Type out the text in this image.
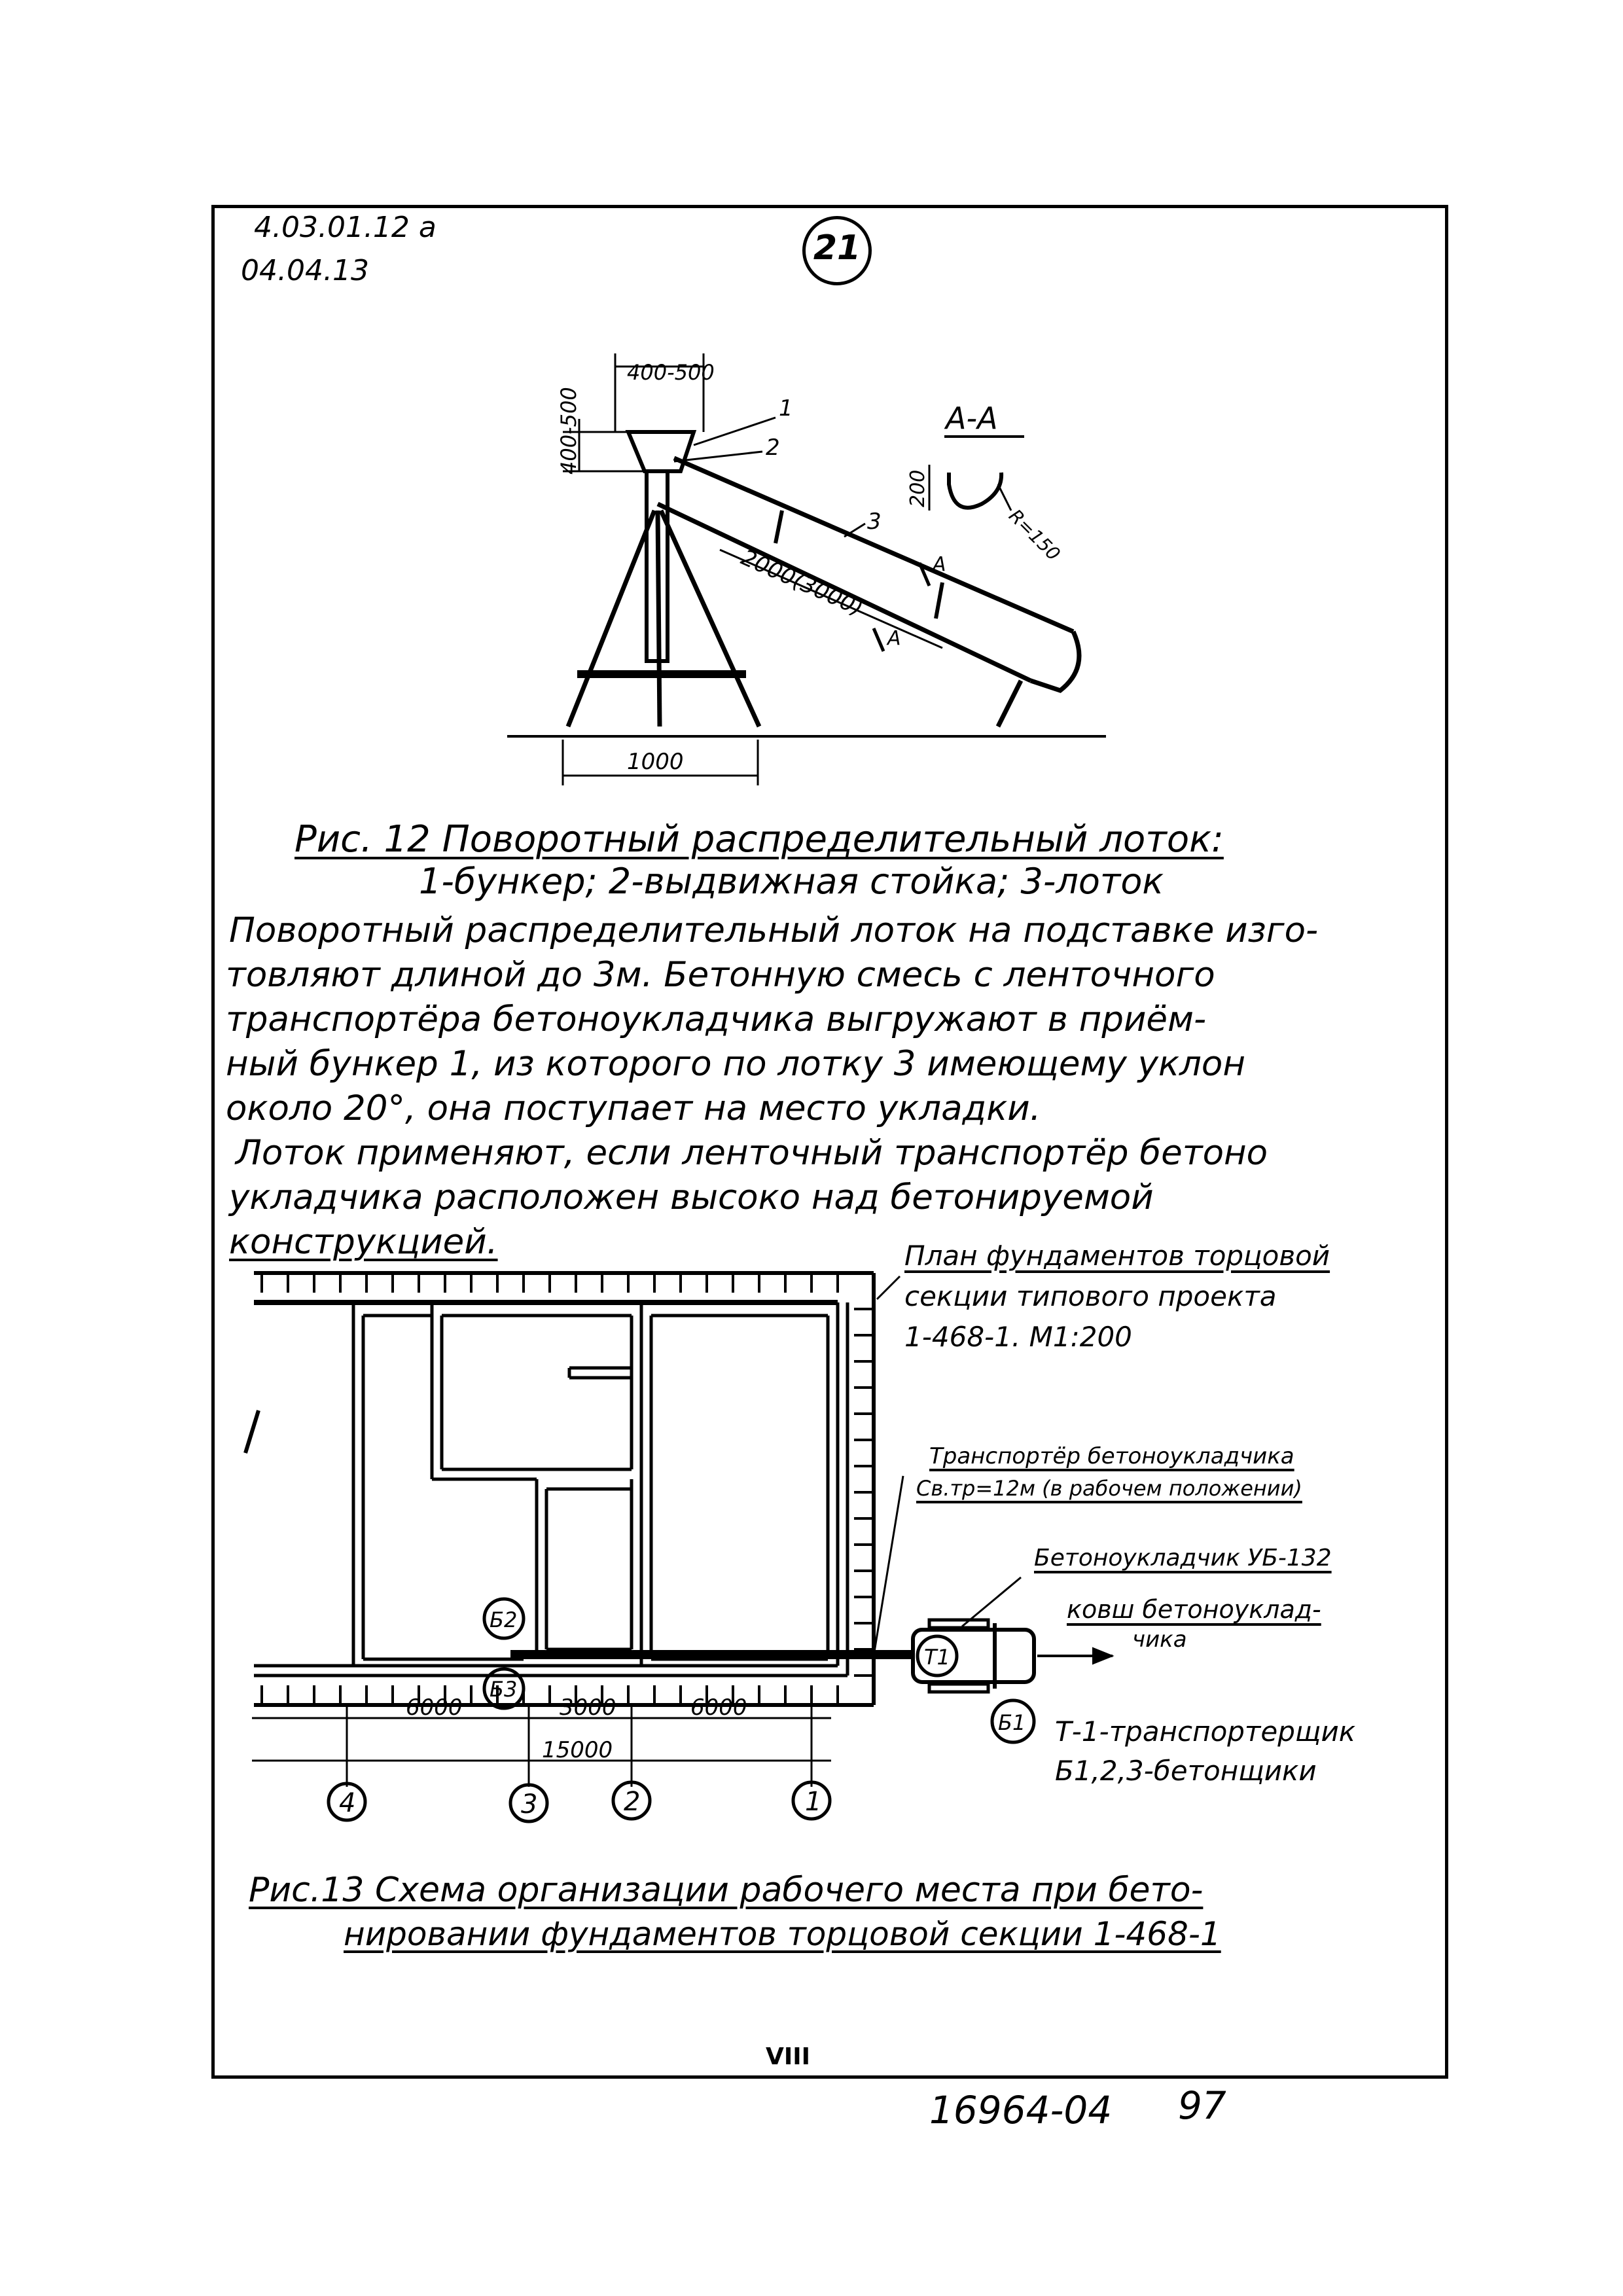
4.03.01.12 а
04.04.13
21
400-500
400-500	1
2
3
2000(3000)
1000
А
А
А-А
200
R=150
6000	3000	6000
15000
4	3	2	1
Б2
Б3
Б1
Т1
Рис. 12 Поворотный распределительный лоток:
1-бункер; 2-выдвижная стойка; 3-лоток
Поворотный распределительный лоток на подставке изго-
товляют длиной до 3м. Бетонную смесь с ленточного
транспортёра бетоноукладчика выгружают в приём-
ный бункер 1, из которого по лотку 3 имеющему уклон
около 20°, она поступает на место укладки.
Лоток применяют, если ленточный транспортёр бетоно
укладчика расположен высоко над бетонируемой
конструкцией.	План фундаментов торцовой
секции типового проекта
1-468-1. М1:200
Транспортёр бетоноукладчика
Св.тр=12м (в рабочем положении)
Бетоноукладчик УБ-132
ковш бетоноуклад-
чика
Т-1-транспортерщик
Б1,2,3-бетонщики
Рис.13 Схема организации рабочего места при бето-
нировании фундаментов торцовой секции 1-468-1
VIII
16964-04 97
